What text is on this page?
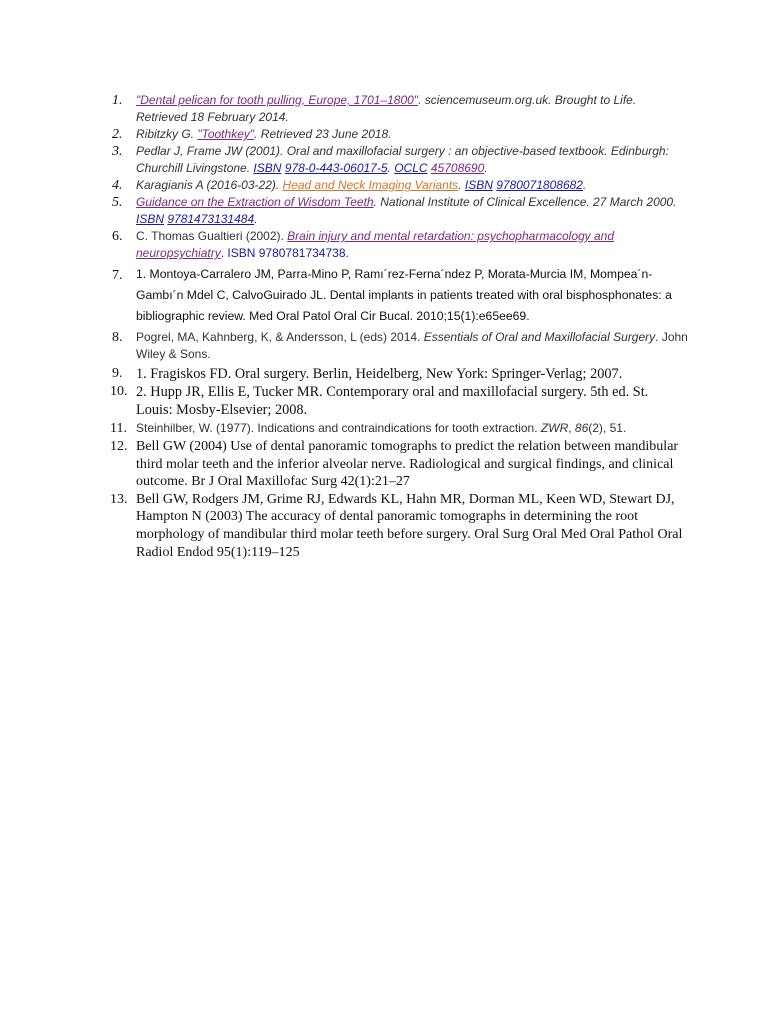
1. "Dental pelican for tooth pulling, Europe, 1701–1800". sciencemuseum.org.uk. Brought to Life. Retrieved 18 February 2014.
2. Ribitzky G. "Toothkey". Retrieved 23 June 2018.
3. Pedlar J, Frame JW (2001). Oral and maxillofacial surgery : an objective-based textbook. Edinburgh: Churchill Livingstone. ISBN 978-0-443-06017-5. OCLC 45708690.
4. Karagianis A (2016-03-22). Head and Neck Imaging Variants. ISBN 9780071808682.
5. Guidance on the Extraction of Wisdom Teeth. National Institute of Clinical Excellence. 27 March 2000. ISBN 9781473131484.
6. C. Thomas Gualtieri (2002). Brain injury and mental retardation: psychopharmacology and neuropsychiatry. ISBN 9780781734738.
7. 1. Montoya-Carralero JM, Parra-Mino P, Ramı´rez-Ferna´ndez P, Morata-Murcia IM, Mompea´n-Gambı´n Mdel C, CalvoGuirado JL. Dental implants in patients treated with oral bisphosphonates: a bibliographic review. Med Oral Patol Oral Cir Bucal. 2010;15(1):e65ee69.
8. Pogrel, MA, Kahnberg, K, & Andersson, L (eds) 2014. Essentials of Oral and Maxillofacial Surgery. John Wiley & Sons.
9. 1. Fragiskos FD. Oral surgery. Berlin, Heidelberg, New York: Springer-Verlag; 2007.
10. 2. Hupp JR, Ellis E, Tucker MR. Contemporary oral and maxillofacial surgery. 5th ed. St. Louis: Mosby-Elsevier; 2008.
11. Steinhilber, W. (1977). Indications and contraindications for tooth extraction. ZWR, 86(2), 51.
12. Bell GW (2004) Use of dental panoramic tomographs to predict the relation between mandibular third molar teeth and the inferior alveolar nerve. Radiological and surgical findings, and clinical outcome. Br J Oral Maxillofac Surg 42(1):21–27
13. Bell GW, Rodgers JM, Grime RJ, Edwards KL, Hahn MR, Dorman ML, Keen WD, Stewart DJ, Hampton N (2003) The accuracy of dental panoramic tomographs in determining the root morphology of mandibular third molar teeth before surgery. Oral Surg Oral Med Oral Pathol Oral Radiol Endod 95(1):119–125
